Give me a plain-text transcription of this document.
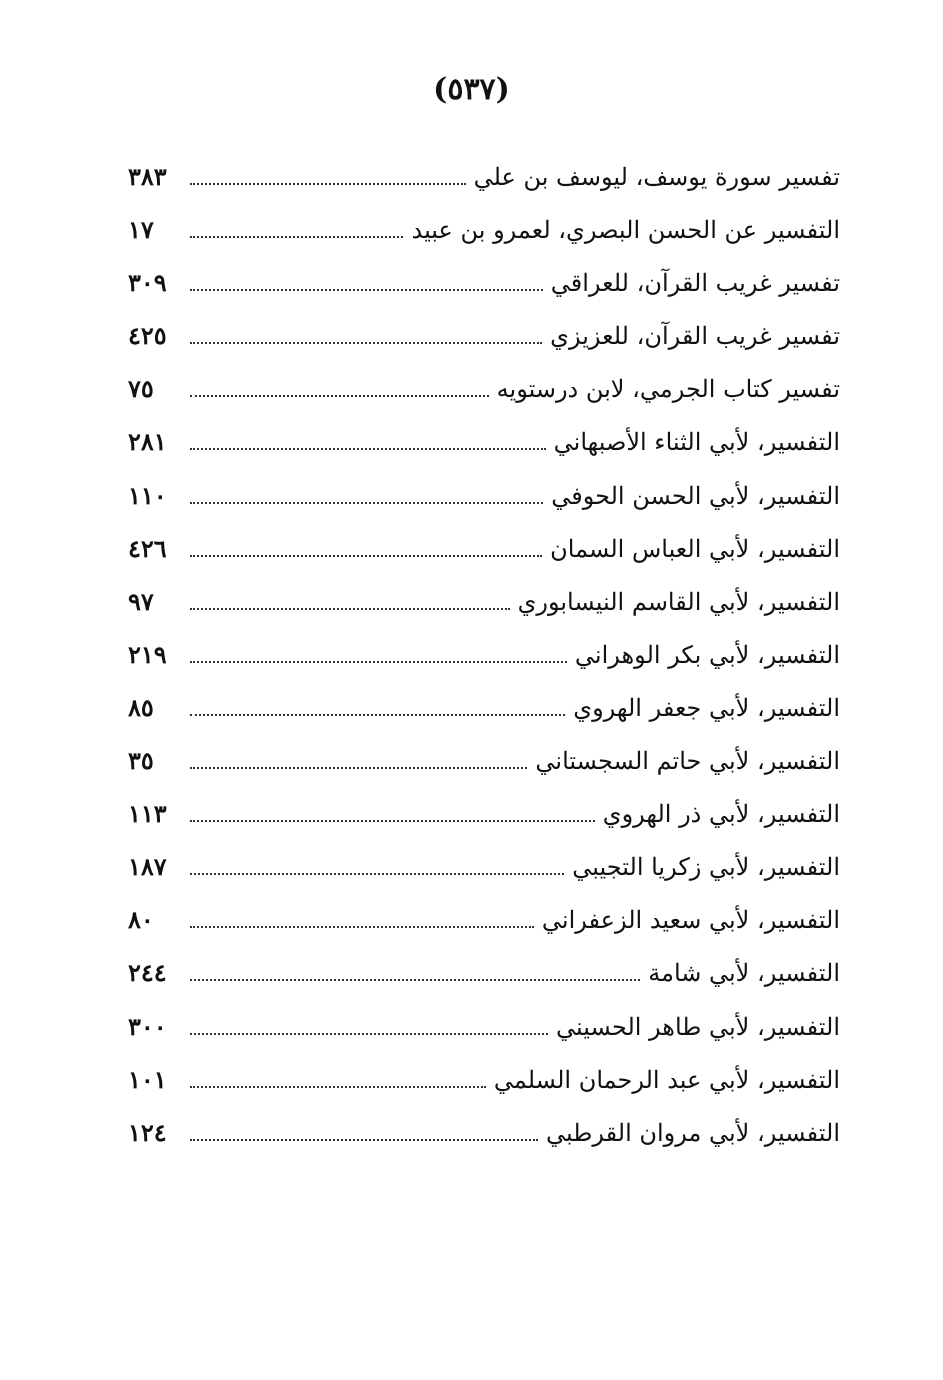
(٥٣٧)
تفسير سورة يوسف، ليوسف بن علي
٣٨٣
التفسير عن الحسن البصري، لعمرو بن عبيد
١٧
تفسير غريب القرآن، للعراقي
٣٠٩
تفسير غريب القرآن، للعزيزي
٤٢٥
تفسير كتاب الجرمي، لابن درستويه
٧٥
التفسير، لأبي الثناء الأصبهاني
٢٨١
التفسير، لأبي الحسن الحوفي
١١٠
التفسير، لأبي العباس السمان
٤٢٦
التفسير، لأبي القاسم النيسابوري
٩٧
التفسير، لأبي بكر الوهراني
٢١٩
التفسير، لأبي جعفر الهروي
٨٥
التفسير، لأبي حاتم السجستاني
٣٥
التفسير، لأبي ذر الهروي
١١٣
التفسير، لأبي زكريا التجيبي
١٨٧
التفسير، لأبي سعيد الزعفراني
٨٠
التفسير، لأبي شامة
٢٤٤
التفسير، لأبي طاهر الحسيني
٣٠٠
التفسير، لأبي عبد الرحمان السلمي
١٠١
التفسير، لأبي مروان القرطبي
١٢٤
